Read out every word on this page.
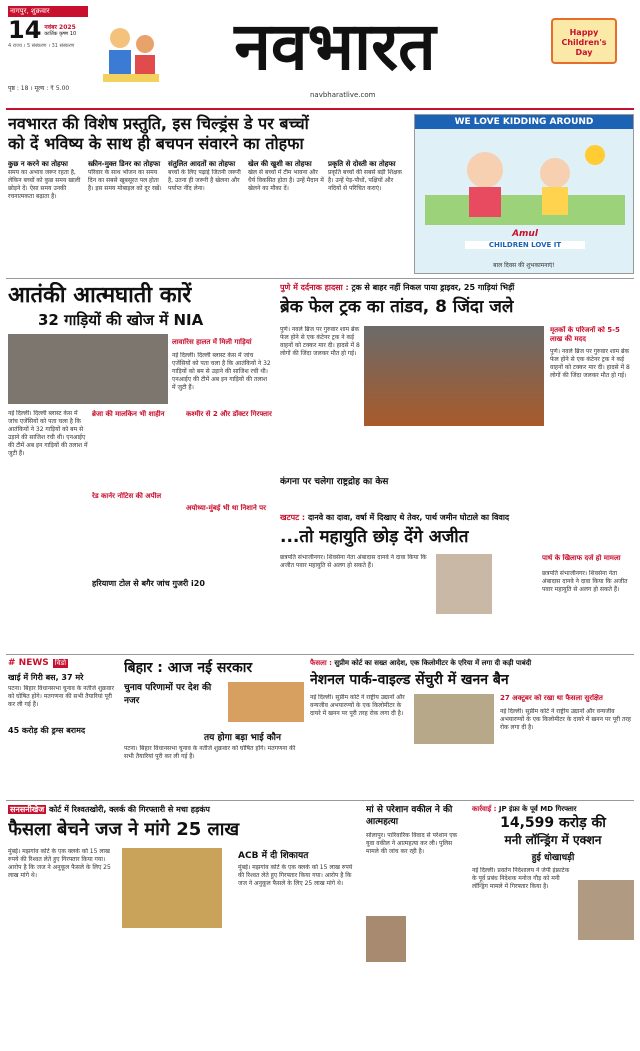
नागपुर, शुक्रवार
14 नवंबर 2025
कार्तिक कृष्ण 10
4 राज्य । 5 संस्करण । 31 संस्करण
पृष्ठ : 18 । मूल्य : ₹ 5.00
नवभारत
navbharatlive.com
Happy Children's Day
नवभारत की विशेष प्रस्तुति, इस चिल्ड्रंस डे पर बच्चों
को दें भविष्य के साथ ही बचपन संवारने का तोहफा
कुछ न करने का तोहफा
समय का अभाव जरूर रहता है, लेकिन बच्चों को कुछ समय खाली छोड़ने दें। ऐसा समय उनकी रचनात्मकता बढ़ाता है।
स्क्रीन-मुक्त डिनर का तोहफा
परिवार के साथ भोजन का समय दिन का सबसे खूबसूरत पल होता है। इस समय मोबाइल को दूर रखें।
संतुलित आदतों का तोहफा
बच्चों के लिए पढ़ाई जितनी जरूरी है, उतना ही जरूरी है खेलना और पर्याप्त नींद लेना।
खेल की खुशी का तोहफा
खेल से बच्चों में टीम भावना और धैर्य विकसित होता है। उन्हें मैदान में खेलने का मौका दें।
प्रकृति से दोस्ती का तोहफा
प्रकृति बच्चों की सबसे बड़ी शिक्षक है। उन्हें पेड़-पौधों, पक्षियों और नदियों से परिचित कराएं।
WE LOVE KIDDING AROUND
Amul
CHILDREN LOVE IT
बाल दिवस की शुभकामनाएं!
आतंकी आत्मघाती कारें
32 गाड़ियों की खोज में NIA
लावारिस हालत में मिली गाड़ियां
नई दिल्ली। दिल्ली ब्लास्ट केस में जांच एजेंसियों को पता चला है कि आतंकियों ने 32 गाड़ियों को बम से उड़ाने की साजिश रची थी। एनआईए की टीमें अब इन गाड़ियों की तलाश में जुटी हैं।
नई दिल्ली। दिल्ली ब्लास्ट केस में जांच एजेंसियों को पता चला है कि आतंकियों ने 32 गाड़ियों को बम से उड़ाने की साजिश रची थी। एनआईए की टीमें अब इन गाड़ियों की तलाश में जुटी हैं।
ब्रेजा की मालकिन भी शाहीन	कश्मीर से 2 और डॉक्टर गिरफ्तार
रेड कार्नर नोटिस की अपील
अयोध्या-मुंबई भी था निशाने पर
हरियाणा टोल से बगैर जांच गुजरी i20
पुणे में दर्दनाक हादसा : ट्रक से बाहर नहीं निकल पाया ड्राइवर, 25 गाड़ियां भिड़ीं
ब्रेक फेल ट्रक का तांडव, 8 जिंदा जले
पुणे। नवले ब्रिज पर गुरुवार शाम ब्रेक फेल होने से एक कंटेनर ट्रक ने कई वाहनों को टक्कर मार दी। हादसे में 8 लोगों की जिंदा जलकर मौत हो गई।
मृतकों के परिजनों को 5-5 लाख की मदद
पुणे। नवले ब्रिज पर गुरुवार शाम ब्रेक फेल होने से एक कंटेनर ट्रक ने कई वाहनों को टक्कर मार दी। हादसे में 8 लोगों की जिंदा जलकर मौत हो गई।
कंगना पर चलेगा राष्ट्रद्रोह का केस
खटपट : दानवे का दावा, वर्षा में दिखाए थे तेवर, पार्थ जमीन घोटाले का विवाद
...तो महायुति छोड़ देंगे अजीत
छत्रपति संभाजीनगर। शिवसेना नेता अंबादास दानवे ने दावा किया कि अजीत पवार महायुति से अलग हो सकते हैं।
पार्थ के खिलाफ दर्ज हो मामला
छत्रपति संभाजीनगर। शिवसेना नेता अंबादास दानवे ने दावा किया कि अजीत पवार महायुति से अलग हो सकते हैं।
# NEWS विडो
खाई में गिरी बस, 37 मरे
पटना। बिहार विधानसभा चुनाव के नतीजे शुक्रवार को घोषित होंगे। मतगणना की सभी तैयारियां पूरी कर ली गई हैं।
45 करोड़ की ड्रग्स बरामद
बिहार : आज नई सरकार
चुनाव परिणामों पर देश की नजर
तय होगा बड़ा भाई कौन
पटना। बिहार विधानसभा चुनाव के नतीजे शुक्रवार को घोषित होंगे। मतगणना की सभी तैयारियां पूरी कर ली गई हैं।
फैसला : सुप्रीम कोर्ट का सख्त आदेश, एक किलोमीटर के एरिया में लगा दी कड़ी पाबंदी
नेशनल पार्क-वाइल्ड सेंचुरी में खनन बैन
नई दिल्ली। सुप्रीम कोर्ट ने राष्ट्रीय उद्यानों और वन्यजीव अभयारण्यों के एक किलोमीटर के दायरे में खनन पर पूरी तरह रोक लगा दी है।
27 अक्टूबर को रखा था फैसला सुरक्षित
नई दिल्ली। सुप्रीम कोर्ट ने राष्ट्रीय उद्यानों और वन्यजीव अभयारण्यों के एक किलोमीटर के दायरे में खनन पर पूरी तरह रोक लगा दी है।
सनसनीखेज कोर्ट में रिश्वतखोरी, क्लर्क की गिरफ्तारी से मचा हड़कंप
फैसला बेचने जज ने मांगे 25 लाख
मुंबई। मझगांव कोर्ट के एक क्लर्क को 15 लाख रुपये की रिश्वत लेते हुए गिरफ्तार किया गया। आरोप है कि जज ने अनुकूल फैसले के लिए 25 लाख मांगे थे।
ACB में दी शिकायत
मुंबई। मझगांव कोर्ट के एक क्लर्क को 15 लाख रुपये की रिश्वत लेते हुए गिरफ्तार किया गया। आरोप है कि जज ने अनुकूल फैसले के लिए 25 लाख मांगे थे।
मां से परेशान वकील ने की आत्महत्या
सोलापुर। पारिवारिक विवाद से परेशान एक युवा वकील ने आत्महत्या कर ली। पुलिस मामले की जांच कर रही है।
कार्रवाई : JP इंफ्रा के पूर्व MD गिरफ्तार
14,599 करोड़ की
मनी लॉन्ड्रिंग में एक्शन
हुई धोखाधड़ी
नई दिल्ली। प्रवर्तन निदेशालय ने जेपी इंफ्राटेक के पूर्व प्रबंध निदेशक मनोज गौड़ को मनी लॉन्ड्रिंग मामले में गिरफ्तार किया है।
